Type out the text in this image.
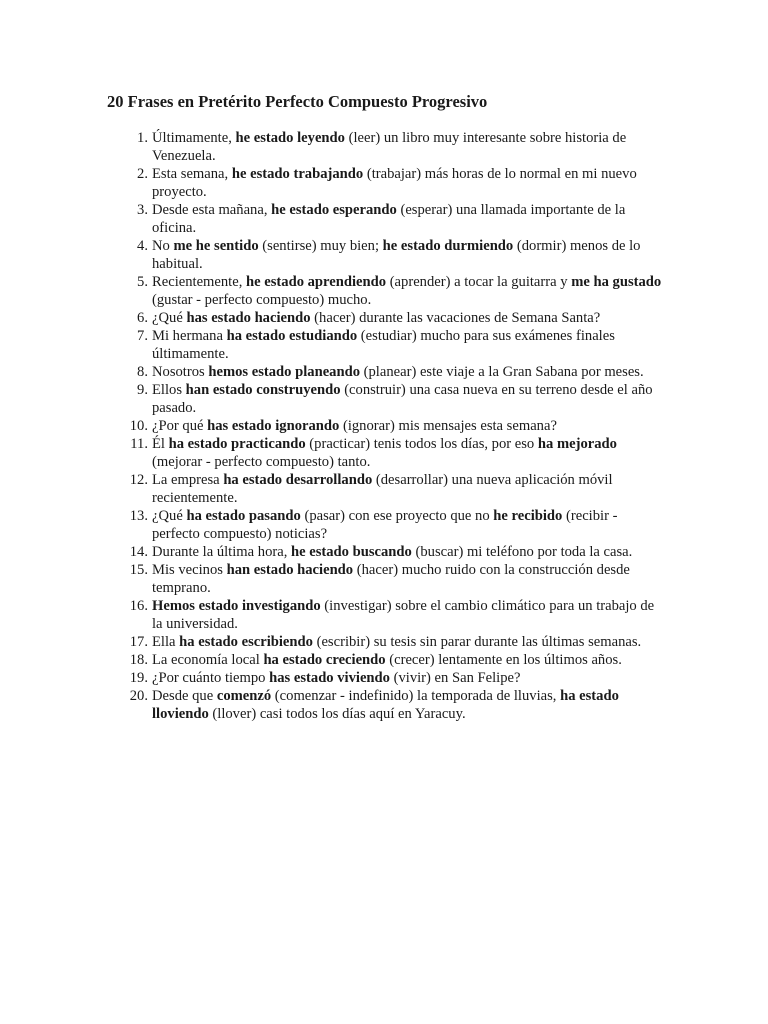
20 Frases en Pretérito Perfecto Compuesto Progresivo
1. Últimamente, he estado leyendo (leer) un libro muy interesante sobre historia de Venezuela.
2. Esta semana, he estado trabajando (trabajar) más horas de lo normal en mi nuevo proyecto.
3. Desde esta mañana, he estado esperando (esperar) una llamada importante de la oficina.
4. No me he sentido (sentirse) muy bien; he estado durmiendo (dormir) menos de lo habitual.
5. Recientemente, he estado aprendiendo (aprender) a tocar la guitarra y me ha gustado (gustar - perfecto compuesto) mucho.
6. ¿Qué has estado haciendo (hacer) durante las vacaciones de Semana Santa?
7. Mi hermana ha estado estudiando (estudiar) mucho para sus exámenes finales últimamente.
8. Nosotros hemos estado planeando (planear) este viaje a la Gran Sabana por meses.
9. Ellos han estado construyendo (construir) una casa nueva en su terreno desde el año pasado.
10. ¿Por qué has estado ignorando (ignorar) mis mensajes esta semana?
11. Él ha estado practicando (practicar) tenis todos los días, por eso ha mejorado (mejorar - perfecto compuesto) tanto.
12. La empresa ha estado desarrollando (desarrollar) una nueva aplicación móvil recientemente.
13. ¿Qué ha estado pasando (pasar) con ese proyecto que no he recibido (recibir - perfecto compuesto) noticias?
14. Durante la última hora, he estado buscando (buscar) mi teléfono por toda la casa.
15. Mis vecinos han estado haciendo (hacer) mucho ruido con la construcción desde temprano.
16. Hemos estado investigando (investigar) sobre el cambio climático para un trabajo de la universidad.
17. Ella ha estado escribiendo (escribir) su tesis sin parar durante las últimas semanas.
18. La economía local ha estado creciendo (crecer) lentamente en los últimos años.
19. ¿Por cuánto tiempo has estado viviendo (vivir) en San Felipe?
20. Desde que comenzó (comenzar - indefinido) la temporada de lluvias, ha estado lloviendo (llover) casi todos los días aquí en Yaracuy.
